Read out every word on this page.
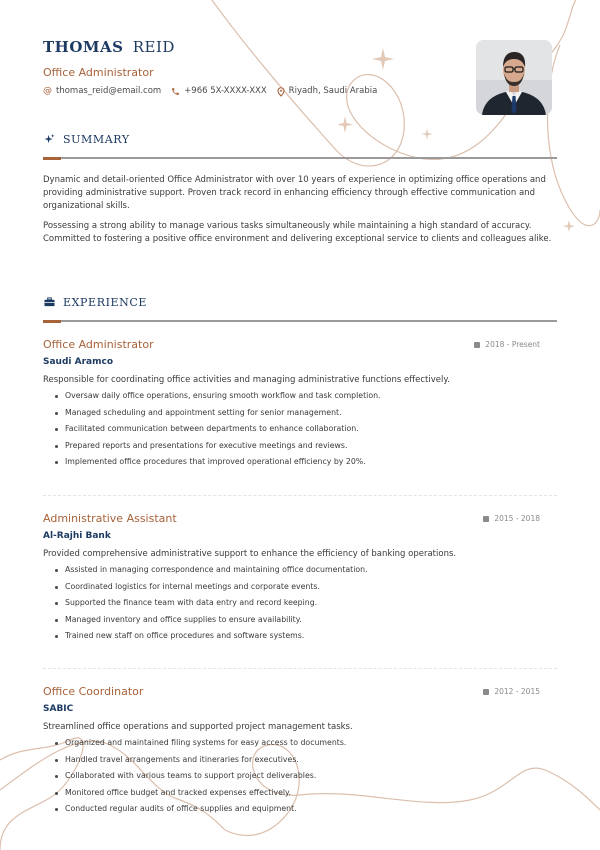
THOMAS REID
Office Administrator
@ thomas_reid@email.com	+966 5X-XXXX-XXX	Riyadh, Saudi Arabia
SUMMARY

Dynamic and detail-oriented Office Administrator with over 10 years of experience in optimizing office operations and providing administrative support. Proven track record in enhancing efficiency through effective communication and organizational skills.

Possessing a strong ability to manage various tasks simultaneously while maintaining a high standard of accuracy. Committed to fostering a positive office environment and delivering exceptional service to clients and colleagues alike.

EXPERIENCE
Office Administrator	2018 - Present
Saudi Aramco
Responsible for coordinating office activities and managing administrative functions effectively.
Oversaw daily office operations, ensuring smooth workflow and task completion.
Managed scheduling and appointment setting for senior management.
Facilitated communication between departments to enhance collaboration.
Prepared reports and presentations for executive meetings and reviews.
Implemented office procedures that improved operational efficiency by 20%.
Administrative Assistant	2015 - 2018
Al-Rajhi Bank
Provided comprehensive administrative support to enhance the efficiency of banking operations.
Assisted in managing correspondence and maintaining office documentation.
Coordinated logistics for internal meetings and corporate events.
Supported the finance team with data entry and record keeping.
Managed inventory and office supplies to ensure availability.
Trained new staff on office procedures and software systems.
Office Coordinator	2012 - 2015
SABIC
Streamlined office operations and supported project management tasks.
Organized and maintained filing systems for easy access to documents.
Handled travel arrangements and itineraries for executives.
Collaborated with various teams to support project deliverables.
Monitored office budget and tracked expenses effectively.
Conducted regular audits of office supplies and equipment.
